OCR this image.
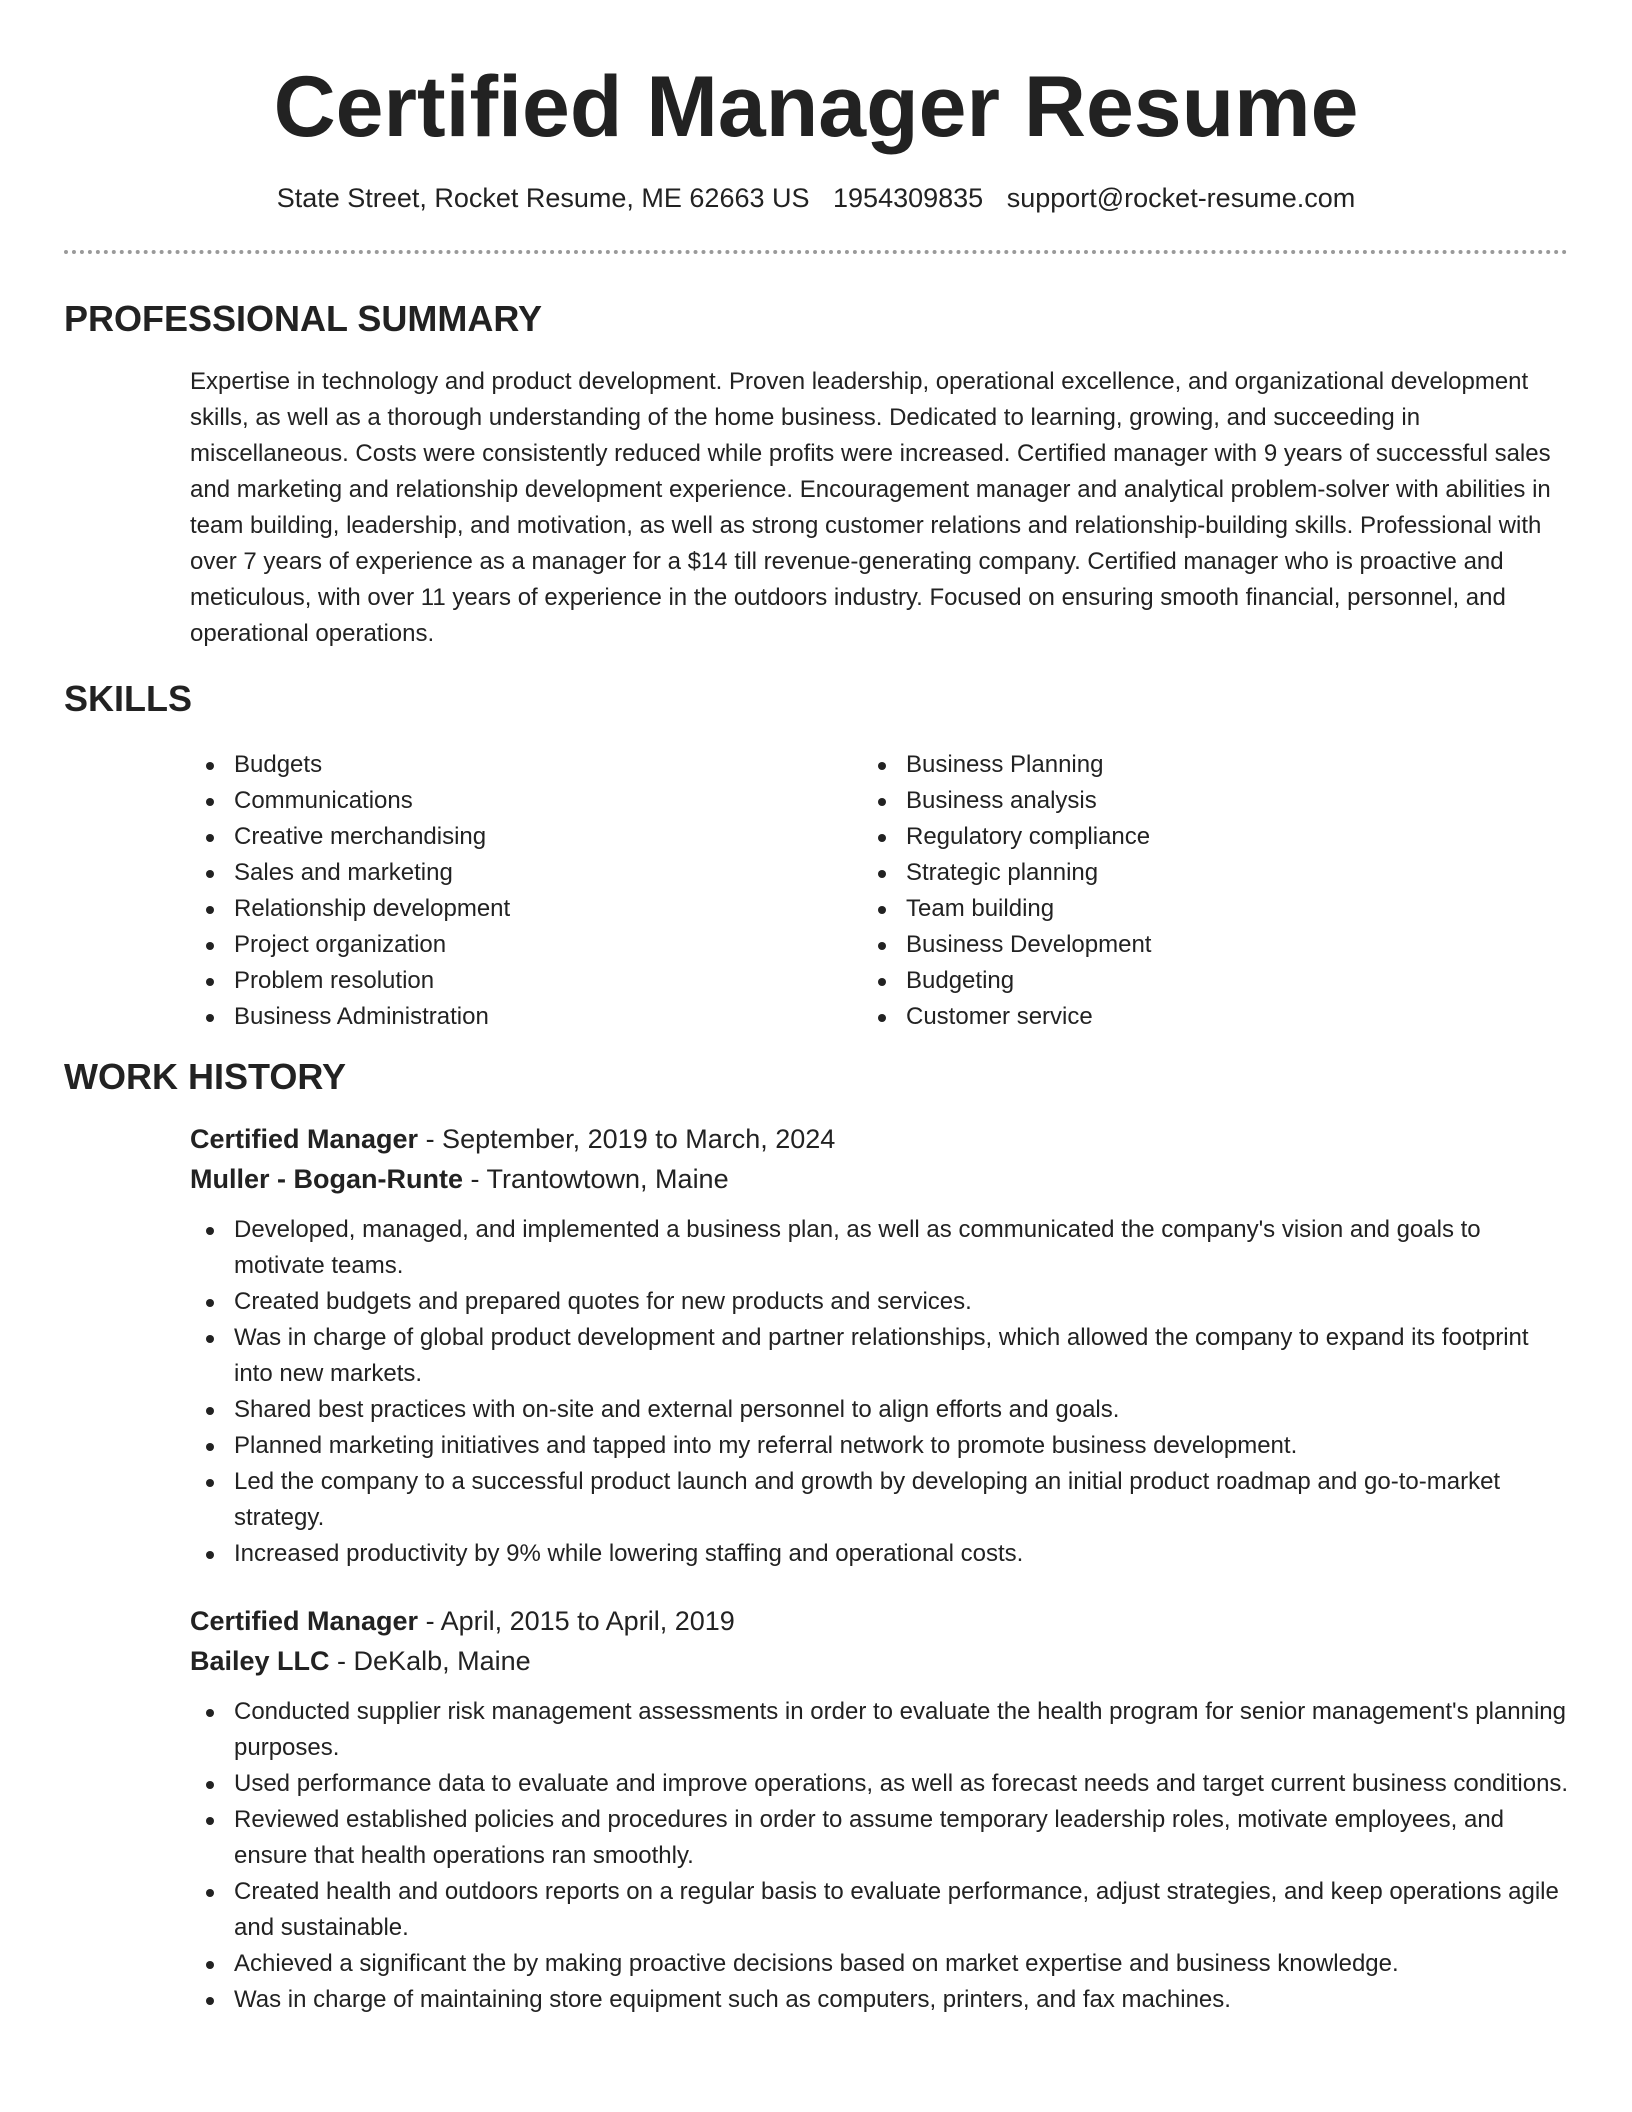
Certified Manager Resume
State Street, Rocket Resume, ME 62663 US 1954309835 support@rocket-resume.com
PROFESSIONAL SUMMARY

Expertise in technology and product development. Proven leadership, operational excellence, and organizational development skills, as well as a thorough understanding of the home business. Dedicated to learning, growing, and succeeding in miscellaneous. Costs were consistently reduced while profits were increased. Certified manager with 9 years of successful sales and marketing and relationship development experience. Encouragement manager and analytical problem-solver with abilities in team building, leadership, and motivation, as well as strong customer relations and relationship-building skills. Professional with over 7 years of experience as a manager for a $14 till revenue-generating company. Certified manager who is proactive and meticulous, with over 11 years of experience in the outdoors industry. Focused on ensuring smooth financial, personnel, and operational operations.

SKILLS
Budgets
Communications
Creative merchandising
Sales and marketing
Relationship development
Project organization
Problem resolution
Business Administration
Business Planning
Business analysis
Regulatory compliance
Strategic planning
Team building
Business Development
Budgeting
Customer service
WORK HISTORY
Certified Manager - September, 2019 to March, 2024
Muller - Bogan-Runte - Trantowtown, Maine
Developed, managed, and implemented a business plan, as well as communicated the company's vision and goals to motivate teams.
Created budgets and prepared quotes for new products and services.
Was in charge of global product development and partner relationships, which allowed the company to expand its footprint into new markets.
Shared best practices with on-site and external personnel to align efforts and goals.
Planned marketing initiatives and tapped into my referral network to promote business development.
Led the company to a successful product launch and growth by developing an initial product roadmap and go-to-market strategy.
Increased productivity by 9% while lowering staffing and operational costs.
Certified Manager - April, 2015 to April, 2019
Bailey LLC - DeKalb, Maine
Conducted supplier risk management assessments in order to evaluate the health program for senior management's planning purposes.
Used performance data to evaluate and improve operations, as well as forecast needs and target current business conditions.
Reviewed established policies and procedures in order to assume temporary leadership roles, motivate employees, and ensure that health operations ran smoothly.
Created health and outdoors reports on a regular basis to evaluate performance, adjust strategies, and keep operations agile and sustainable.
Achieved a significant the by making proactive decisions based on market expertise and business knowledge.
Was in charge of maintaining store equipment such as computers, printers, and fax machines.
